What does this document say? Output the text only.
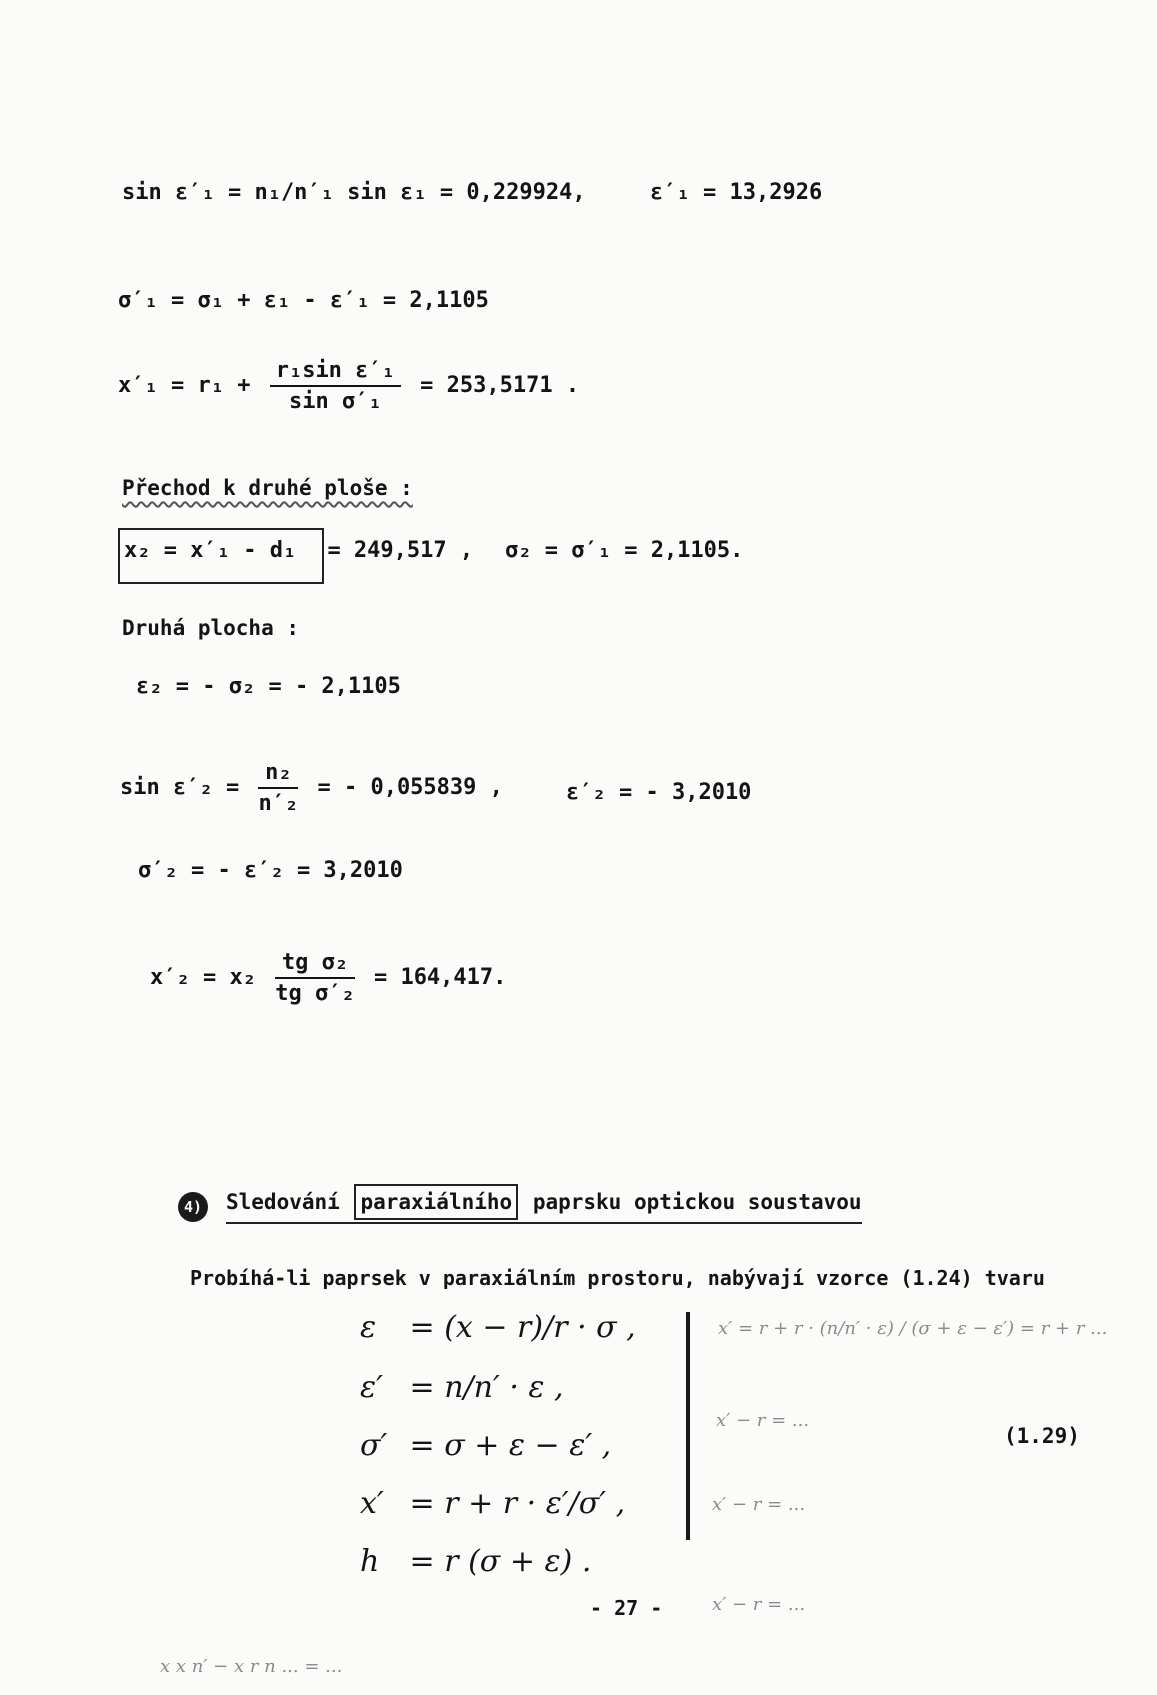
sin ε′₁ = n₁/n′₁ sin ε₁ = 0,229924,	ε′₁ = 13,2926
σ′₁ = σ₁ + ε₁ - ε′₁ = 2,1105
$x'_1 = r_1 + \frac{\text{r₁sin ε′₁}}{\text{sin σ′₁}} = 253,5171$ .
Přechod k druhé ploše :
x₂ = x′₁ - d₁ = 249,517 , σ₂ = σ′₁ = 2,1105.
Druhá plocha :
ε₂ = - σ₂ = - 2,1105
$\sin \varepsilon'_2 = \frac{\text{n₂}}{\text{n′₂}}$ = - 0,055839 ,	ε′₂ = - 3,2010
σ′₂ = - ε′₂ = 3,2010
$x'_2 = x_2 \frac{\text{tg σ₂}}{\text{tg σ′₂}} = 164,417$.
4) Sledování paraxiálního paprsku optickou soustavou
Probíhá-li paprsek v paraxiálním prostoru, nabývají vzorce (1.24) tvaru
ε = (x − r)/r · σ ,
ε′ = n/n′ · ε ,
σ′ = σ + ε − ε′ ,
x′ = r + r · ε′/σ′ ,
h = r (σ + ε) .
(1.29)
x′ = r + r · (n/n′ · ε) / (σ + ε − ε′) = r + r ...
x′ − r = ...
x′ − r = ...
x′ − r = ...
x x n′ − x r n ... = ...
- 27 -
